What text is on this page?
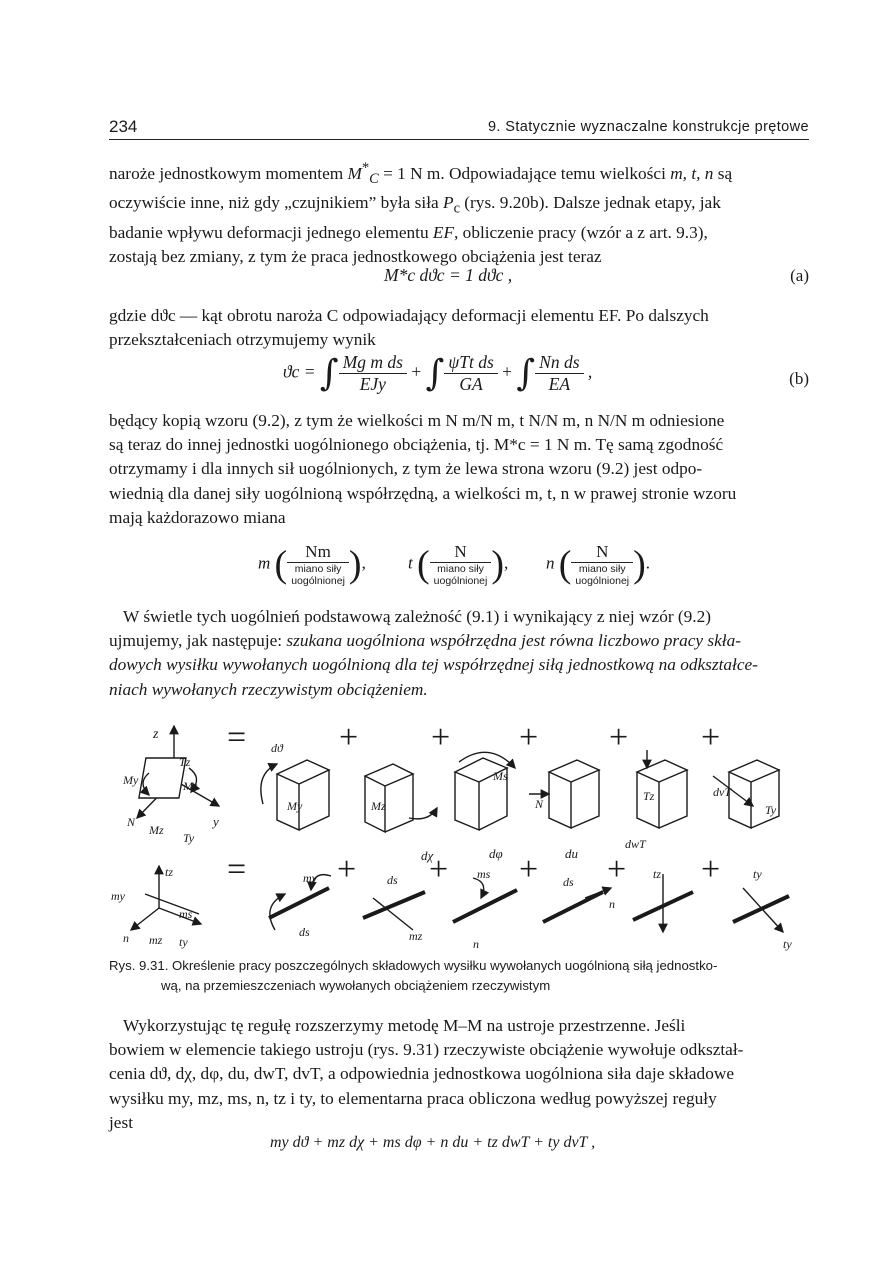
234	9. Statycznie wyznaczalne konstrukcje prętowe

naroże jednostkowym momentem $M^*_C = 1$ N m. Odpowiadające temu wielkości m, t, n są

oczywiście inne, niż gdy „czujnikiem” była siła $P_c$ (rys. 9.20b). Dalsze jednak etapy, jak

badanie wpływu deformacji jednego elementu EF, obliczenie pracy (wzór a z art. 9.3),

zostają bez zmiany, z tym że praca jednostkowego obciążenia jest teraz

M*c dϑc = 1 dϑc ,	(a)

gdzie dϑc — kąt obrotu naroża C odpowiadający deformacji elementu EF. Po dalszych

przekształceniach otrzymujemy wynik

ϑc = ∫ $\frac{\text{Mg m ds}}{\text{EJy}}$ + ∫ $\frac{\text{ψTt ds}}{GA}$ + ∫ $\frac{\text{Nn ds}}{EA}$ ,	(b)

będący kopią wzoru (9.2), z tym że wielkości m N m/N m, t N/N m, n N/N m odniesione

są teraz do innej jednostki uogólnionego obciążenia, tj. M*c = 1 N m. Tę samą zgodność

otrzymamy i dla innych sił uogólnionych, z tym że lewa strona wzoru (9.2) jest odpo-

wiednią dla danej siły uogólnioną współrzędną, a wielkości m, t, n w prawej stronie wzoru

mają każdorazowo miana

m (	Nm
miano siły
uogólnionej ), t (	N
miano siły
uogólnionej ), n (	N
miano siły
uogólnionej ).

W świetle tych uogólnień podstawową zależność (9.1) i wynikający z niej wzór (9.2)

ujmujemy, jak następuje: szukana uogólniona współrzędna jest równa liczbowo pracy skła-

dowych wysiłku wywołanych uogólnioną dla tej współrzędnej siłą jednostkową na odkształce-

niach wywołanych rzeczywistym obciążeniem.

z
y
Tz
My	Ms
N
Mz
Ty
=	+ + + + +
dϑ
My	Mz
dχ
Ms
dφ
N
du
Tz
dwT
dvT
Ty
=	+ + + + +
tz
my
ms
n mz ty
my
ds
ds
mz
ms
n
ds
n
tz	ty
ty
Rys. 9.31. Określenie pracy poszczególnych składowych wysiłku wywołanych uogólnioną siłą jednostko-
wą, na przemieszczeniach wywołanych obciążeniem rzeczywistym

Wykorzystując tę regułę rozszerzymy metodę M–M na ustroje przestrzenne. Jeśli

bowiem w elemencie takiego ustroju (rys. 9.31) rzeczywiste obciążenie wywołuje odkształ-

cenia dϑ, dχ, dφ, du, dwT, dvT, a odpowiednia jednostkowa uogólniona siła daje składowe

wysiłku my, mz, ms, n, tz i ty, to elementarna praca obliczona według powyższej reguły

jest

my dϑ + mz dχ + ms dφ + n du + tz dwT + ty dvT ,
